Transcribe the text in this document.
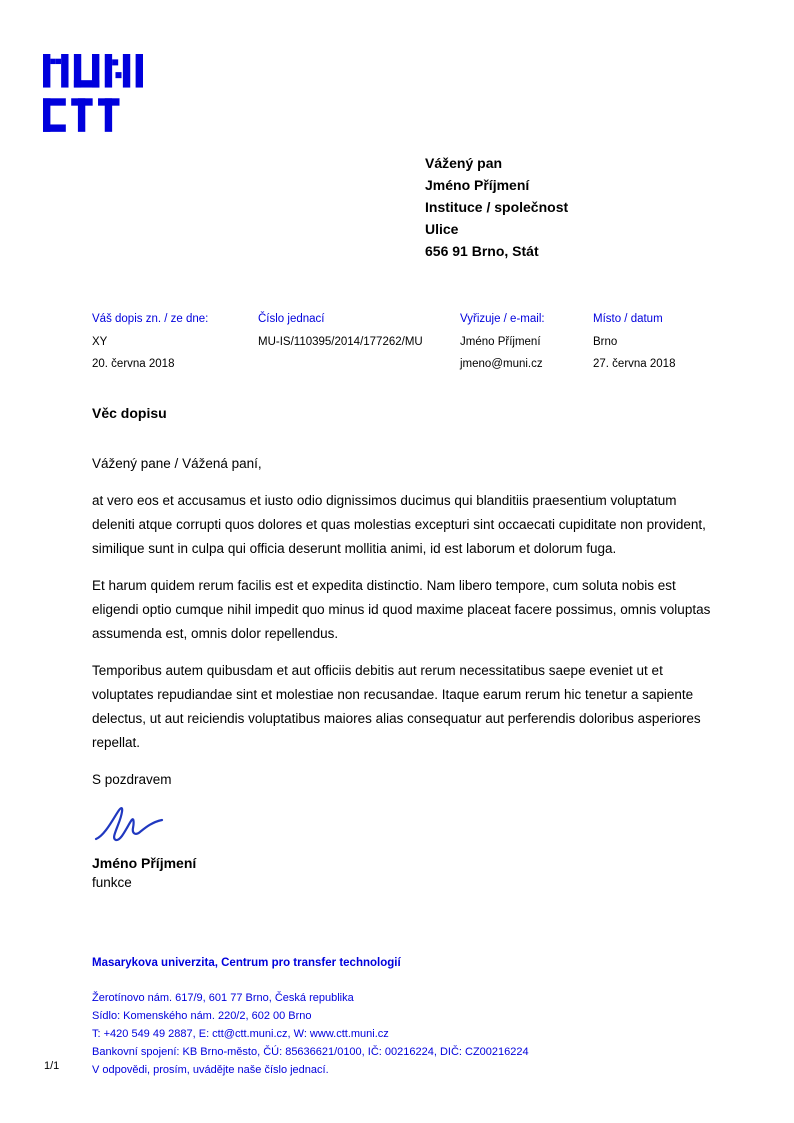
Vážený pan
Jméno Příjmení
Instituce / společnost
Ulice
656 91 Brno, Stát
Váš dopis zn. / ze dne:
XY
20. června 2018
Číslo jednací
MU-IS/110395/2014/177262/MU
Vyřizuje / e-mail:
Jméno Příjmení
jmeno@muni.cz
Místo / datum
Brno
27. června 2018
Věc dopisu

Vážený pane / Vážená paní,

at vero eos et accusamus et iusto odio dignissimos ducimus qui blanditiis praesentium voluptatum deleniti atque corrupti quos dolores et quas molestias excepturi sint occaecati cupiditate non provident, similique sunt in culpa qui officia deserunt mollitia animi, id est laborum et dolorum fuga.

Et harum quidem rerum facilis est et expedita distinctio. Nam libero tempore, cum soluta nobis est eligendi optio cumque nihil impedit quo minus id quod maxime placeat facere possimus, omnis voluptas assumenda est, omnis dolor repellendus.

Temporibus autem quibusdam et aut officiis debitis aut rerum necessitatibus saepe eveniet ut et voluptates repudiandae sint et molestiae non recusandae. Itaque earum rerum hic tenetur a sapiente delectus, ut aut reiciendis voluptatibus maiores alias consequatur aut perferendis doloribus asperiores repellat.

S pozdravem

Jméno Příjmení
funkce
Masarykova univerzita, Centrum pro transfer technologií
Žerotínovo nám. 617/9, 601 77 Brno, Česká republika
Sídlo: Komenského nám. 220/2, 602 00 Brno
T: +420 549 49 2887, E: ctt@ctt.muni.cz, W: www.ctt.muni.cz
Bankovní spojení: KB Brno-město, ČÚ: 85636621/0100, IČ: 00216224, DIČ: CZ00216224
V odpovědi, prosím, uvádějte naše číslo jednací.
1/1
